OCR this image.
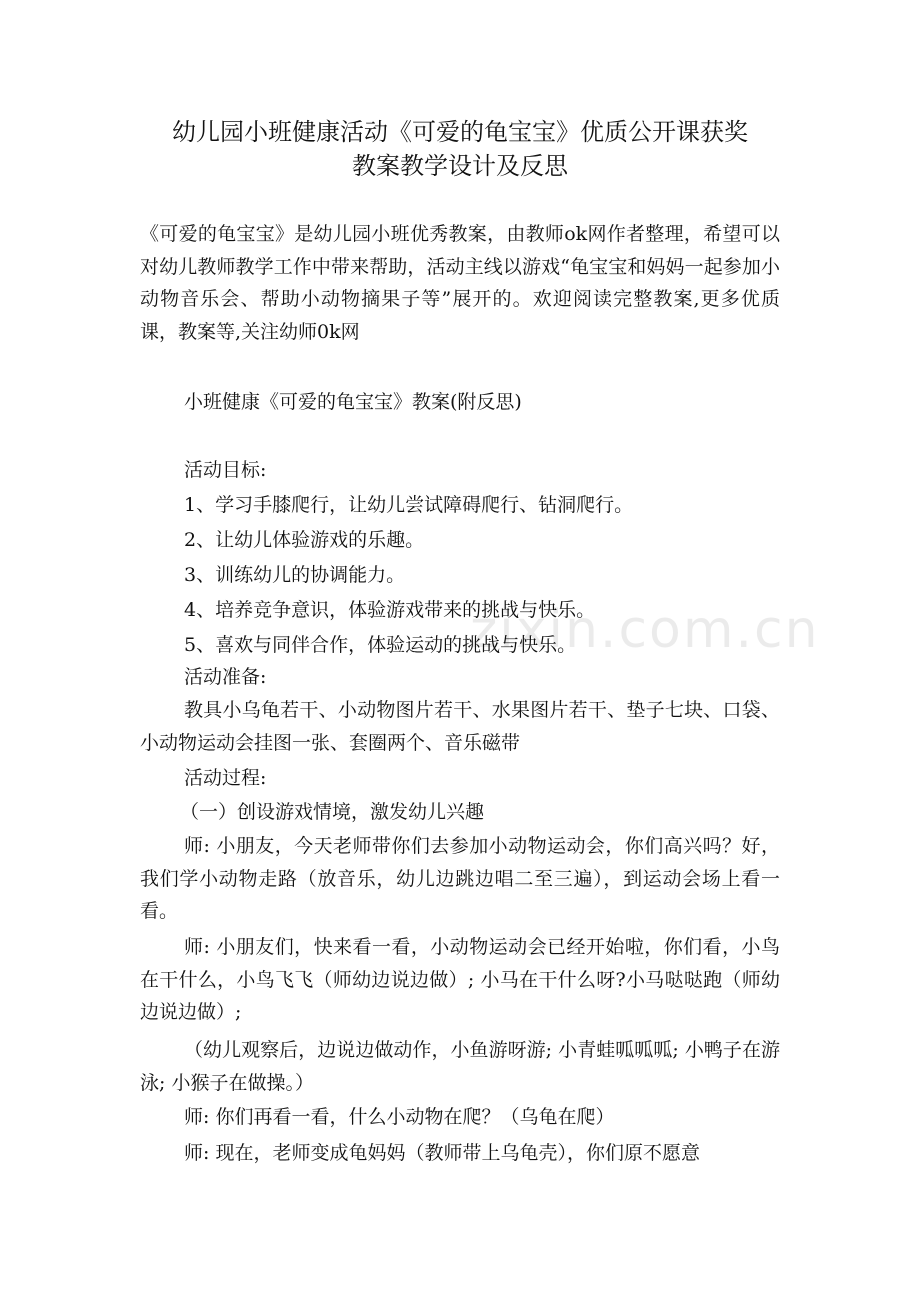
幼儿园小班健康活动《可爱的龟宝宝》优质公开课获奖
教案教学设计及反思

《可爱的龟宝宝》是幼儿园小班优秀教案，由教师ok网作者整理，希望可以对幼儿教师教学工作中带来帮助，活动主线以游戏“龟宝宝和妈妈一起参加小动物音乐会、帮助小动物摘果子等”展开的。欢迎阅读完整教案,更多优质课，教案等,关注幼师0k网

小班健康《可爱的龟宝宝》教案(附反思)

活动目标:

1、学习手膝爬行，让幼儿尝试障碍爬行、钻洞爬行。

2、让幼儿体验游戏的乐趣。

3、训练幼儿的协调能力。

4、培养竞争意识，体验游戏带来的挑战与快乐。

5、喜欢与同伴合作，体验运动的挑战与快乐。

活动准备:

教具小乌龟若干、小动物图片若干、水果图片若干、垫子七块、口袋、 小动物运动会挂图一张、套圈两个、音乐磁带

活动过程:

（一）创设游戏情境，激发幼儿兴趣

师: 小朋友，今天老师带你们去参加小动物运动会，你们高兴吗？好，我们学小动物走路（放音乐，幼儿边跳边唱二至三遍），到运动会场上看一看。

师: 小朋友们，快来看一看，小动物运动会已经开始啦，你们看，小鸟在干什么，小鸟飞飞（师幼边说边做）; 小马在干什么呀?小马哒哒跑（师幼边说边做）;

（幼儿观察后，边说边做动作，小鱼游呀游; 小青蛙呱呱呱; 小鸭子在游泳; 小猴子在做操。）

师: 你们再看一看，什么小动物在爬？（乌龟在爬）

师: 现在，老师变成龟妈妈（教师带上乌龟壳），你们原不愿意

zixin.com.cn
